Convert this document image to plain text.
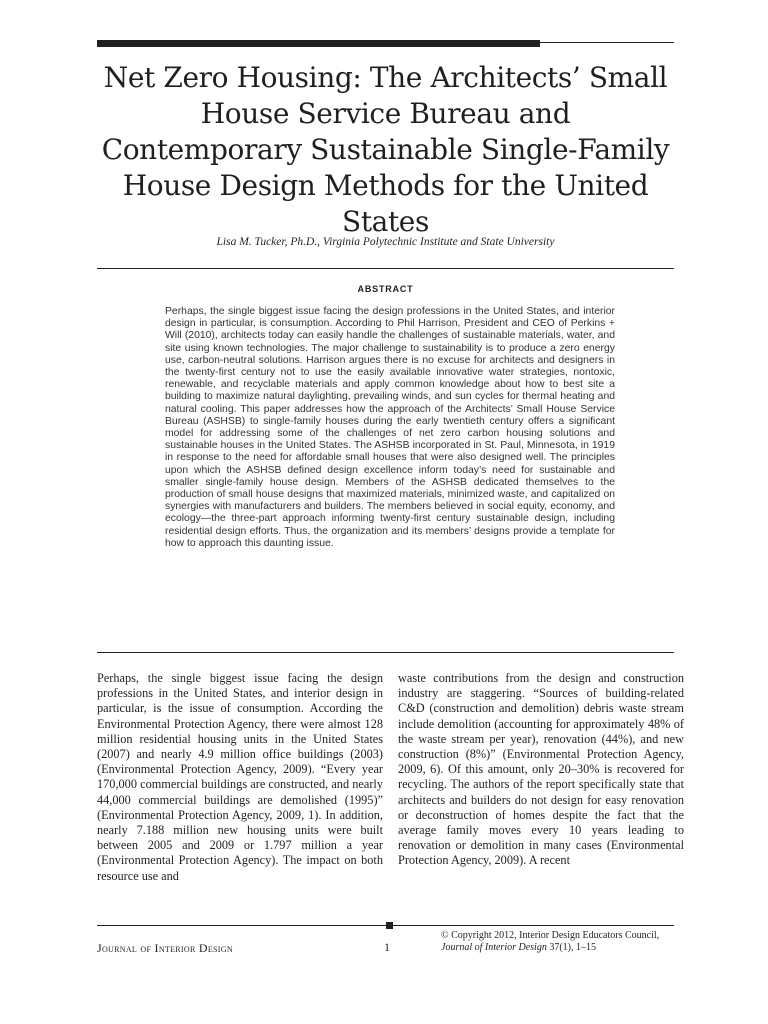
Net Zero Housing: The Architects’ Small House Service Bureau and Contemporary Sustainable Single-Family House Design Methods for the United States
Lisa M. Tucker, Ph.D., Virginia Polytechnic Institute and State University
ABSTRACT

Perhaps, the single biggest issue facing the design professions in the United States, and interior design in particular, is consumption. According to Phil Harrison, President and CEO of Perkins + Will (2010), architects today can easily handle the challenges of sustainable materials, water, and site using known technologies. The major challenge to sustainability is to produce a zero energy use, carbon-neutral solutions. Harrison argues there is no excuse for architects and designers in the twenty-first century not to use the easily available innovative water strategies, nontoxic, renewable, and recyclable materials and apply common knowledge about how to best site a building to maximize natural daylighting, prevailing winds, and sun cycles for thermal heating and natural cooling. This paper addresses how the approach of the Architects’ Small House Service Bureau (ASHSB) to single-family houses during the early twentieth century offers a significant model for addressing some of the challenges of net zero carbon housing solutions and sustainable houses in the United States. The ASHSB incorporated in St. Paul, Minnesota, in 1919 in response to the need for affordable small houses that were also designed well. The principles upon which the ASHSB defined design excellence inform today’s need for sustainable and smaller single-family house design. Members of the ASHSB dedicated themselves to the production of small house designs that maximized materials, minimized waste, and capitalized on synergies with manufacturers and builders. The members believed in social equity, economy, and ecology—the three-part approach informing twenty-first century sustainable design, including residential design efforts. Thus, the organization and its members’ designs provide a template for how to approach this daunting issue.

Perhaps, the single biggest issue facing the design professions in the United States, and interior design in particular, is the issue of consumption. According the Environmental Protection Agency, there were almost 128 million residential housing units in the United States (2007) and nearly 4.9 million office buildings (2003) (Environmental Protection Agency, 2009). “Every year 170,000 commercial buildings are constructed, and nearly 44,000 commercial buildings are demolished (1995)” (Environmental Protection Agency, 2009, 1). In addition, nearly 7.188 million new housing units were built between 2005 and 2009 or 1.797 million a year (Environmental Protection Agency). The impact on both resource use and

waste contributions from the design and construction industry are staggering. “Sources of building-related C&D (construction and demolition) debris waste stream include demolition (accounting for approximately 48% of the waste stream per year), renovation (44%), and new construction (8%)” (Environmental Protection Agency, 2009, 6). Of this amount, only 20–30% is recovered for recycling. The authors of the report specifically state that architects and builders do not design for easy renovation or deconstruction of homes despite the fact that the average family moves every 10 years leading to renovation or demolition in many cases (Environmental Protection Agency, 2009). A recent

Journal of Interior Design	1
© Copyright 2012, Interior Design Educators Council,
Journal of Interior Design 37(1), 1–15
